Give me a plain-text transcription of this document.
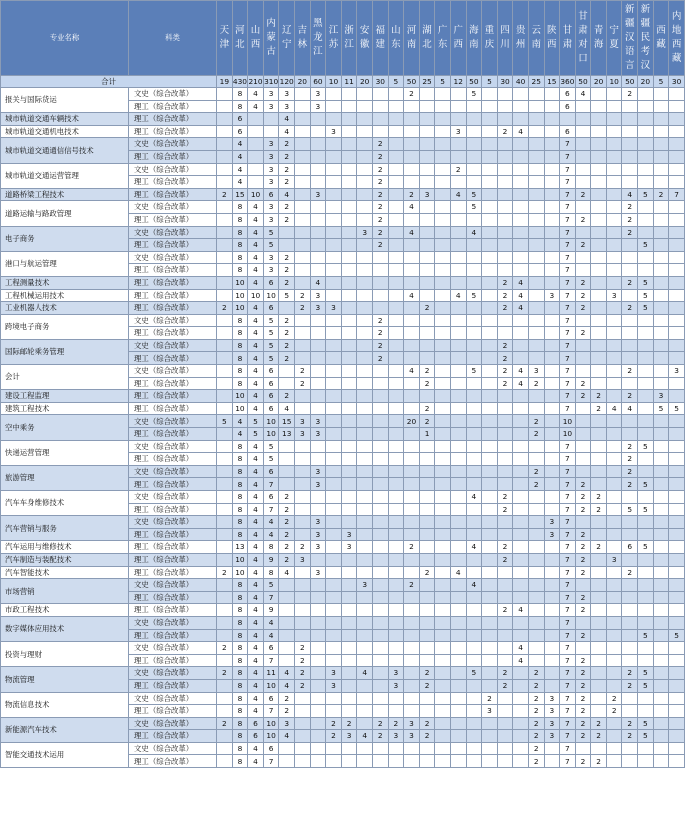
专业名称	科类	天津	河北	山西	内蒙古	辽宁	吉林	黑龙江	江苏	浙江	安徽	福建	山东	河南	湖北	广东	广西	海南	重庆	四川	贵州	云南	陕西	甘肃	甘肃对口	青海	宁夏	新疆汉语言	新疆民考汉	西藏	内地西藏

合计		19	430	210	310	120	20	60	10	11	20	30	5	50	25	5	12	50	5	30	40	25	15	360	50	20	10	50	20	5	30
报关与国际货运	文史（综合改革）		8	4	3	3		3						2				5						6	4			2			
	理工（综合改革）		8	4	3	3		3																6							
城市轨道交通车辆技术	理工（综合改革）		6			4																									
城市轨道交通机电技术	理工（综合改革）		6			4			3								3			2	4			6							
城市轨道交通通信信号技术	文史（综合改革）		4		3	2						2												7							
	理工（综合改革）		4		3	2						2												7							
城市轨道交通运营管理	文史（综合改革）		4		3	2						2					2							7							
	理工（综合改革）		4		3	2						2												7							
道路桥梁工程技术	理工（综合改革）	2	15	10	6	4		3				2		2	3		4	5						7	2			4	5	2	7
道路运输与路政管理	文史（综合改革）		8	4	3	2						2		4				5						7				2			
	理工（综合改革）		8	4	3	2						2												7	2			2			
电子商务	文史（综合改革）		8	4	5						3	2		4				4						7				2			
	理工（综合改革）		8	4	5							2												7	2				5		
港口与航运管理	文史（综合改革）		8	4	3	2																		7							
	理工（综合改革）		8	4	3	2																		7							
工程测量技术	理工（综合改革）		10	4	6	2		4												2	4			7	2			2	5		
工程机械运用技术	理工（综合改革）		10	10	10	5	2	3						4			4	5		2	4		3	7	2		3		5		
工业机器人技术	理工（综合改革）	2	10	4	6		2	3	3						2					2	4			7	2			2	5		
跨境电子商务	文史（综合改革）		8	4	5	2						2												7							
	理工（综合改革）		8	4	5	2						2												7	2						
国际邮轮乘务管理	文史（综合改革）		8	4	5	2						2								2				7							
	理工（综合改革）		8	4	5	2						2								2				7							
会计	文史（综合改革）		8	4	6		2							4	2			5		2	4	3		7				2			3
	理工（综合改革）		8	4	6		2								2					2	4	2		7	2						
建设工程监理	理工（综合改革）		10	4	6	2																		7	2	2		2		3	
建筑工程技术	理工（综合改革）		10	4	6	4									2									7		2	4	4		5	5
空中乘务	文史（综合改革）	5	4	5	10	15	3	3						20	2							2		10							
	理工（综合改革）		4	5	10	13	3	3							1							2		10							
快递运营管理	文史（综合改革）		8	4	5																			7				2	5		
	理工（综合改革）		8	4	5																			7				2			
旅游管理	文史（综合改革）		8	4	6			3														2		7				2			
	理工（综合改革）		8	4	7			3														2		7	2			2	5		
汽车车身维修技术	文史（综合改革）		8	4	6	2												4		2				7	2	2					
	理工（综合改革）		8	4	7	2														2				7	2	2		5	5		
汽车营销与服务	文史（综合改革）		8	4	4	2		3															3	7							
	理工（综合改革）		8	4	4	2		3		3													3	7	2						
汽车运用与维修技术	理工（综合改革）		13	4	8	2	2	3		3				2				4		2				7	2	2		6	5		
汽车制造与装配技术	理工（综合改革）		10	4	9	2	3													2				7	2		3				
汽车智能技术	理工（综合改革）	2	10	4	8	4		3							2		4							7	2			2			
市场营销	文史（综合改革）		8	4	5						3			2				4						7							
	理工（综合改革）		8	4	7																			7	2						
市政工程技术	理工（综合改革）		8	4	9															2	4			7	2						
数字媒体应用技术	文史（综合改革）		8	4	4																			7							
	理工（综合改革）		8	4	4																			7	2				5		5
投资与理财	文史（综合改革）	2	8	4	6		2														4			7							
	理工（综合改革）		8	4	7		2														4			7	2						
物流管理	文史（综合改革）	2	8	4	11	4	2		3		4		3		2			5		2		2		7	2			2	5		
	理工（综合改革）		8	4	10	4	2		3				3		2					2		2		7	2			2	5		
物流信息技术	文史（综合改革）		8	4	6	2													2			2	3	7	2		2				
	理工（综合改革）		8	4	7	2													3			2	3	7	2		2				
新能源汽车技术	文史（综合改革）	2	8	6	10	3			2	2		2	2	3	2							2	3	7	2	2		2	5		
	理工（综合改革）		8	6	10	4			2	3	4	2	3	3	2							2	3	7	2	2		2	5		
智能交通技术运用	文史（综合改革）		8	4	6																	2		7							
	理工（综合改革）		8	4	7																	2		7	2	2					
